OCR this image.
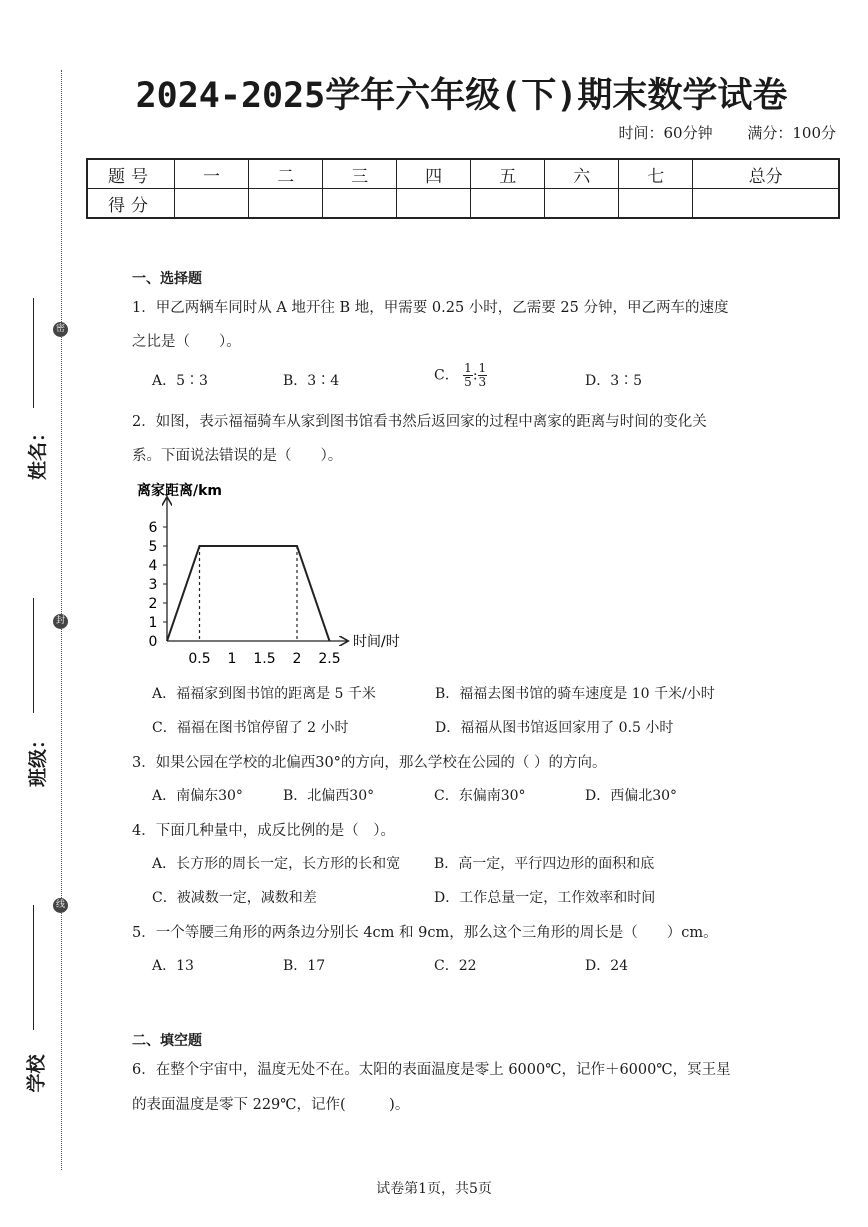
密
封
线
姓名：
班级：
学校
2024-2025学年六年级(下)期末数学试卷
时间：60分钟 满分：100分
题号	一	二	三	四	五	六	七	总分
得分								
一、选择题
1．甲乙两辆车同时从 A 地开往 B 地，甲需要 0.25 小时，乙需要 25 分钟，甲乙两车的速度
之比是（　　）。
A．5∶3	B．3∶4	C． $\frac{1}{5}$ : $\frac{1}{3}$	D．3∶5
2．如图，表示福福骑车从家到图书馆看书然后返回家的过程中离家的距离与时间的变化关
系。下面说法错误的是（　　）。
离家距离/km
时间/时
0
1
2
3
4
5
6
0.5 1 1.5 2 2.5
A．福福家到图书馆的距离是 5 千米	B．福福去图书馆的骑车速度是 10 千米/小时
C．福福在图书馆停留了 2 小时	D．福福从图书馆返回家用了 0.5 小时
3．如果公园在学校的北偏西30°的方向，那么学校在公园的（ ）的方向。
A．南偏东30°	B．北偏西30°	C．东偏南30°	D．西偏北30°
4．下面几种量中，成反比例的是（　）。
A．长方形的周长一定，长方形的长和宽 B．高一定，平行四边形的面积和底
C．被减数一定，减数和差	D．工作总量一定，工作效率和时间
5．一个等腰三角形的两条边分别长 4cm 和 9cm，那么这个三角形的周长是（　　）cm。
A．13	B．17	C．22	D．24
二、填空题
6．在整个宇宙中，温度无处不在。太阳的表面温度是零上 6000℃，记作＋6000℃，冥王星
的表面温度是零下 229℃，记作(　　　)。
试卷第1页，共5页
